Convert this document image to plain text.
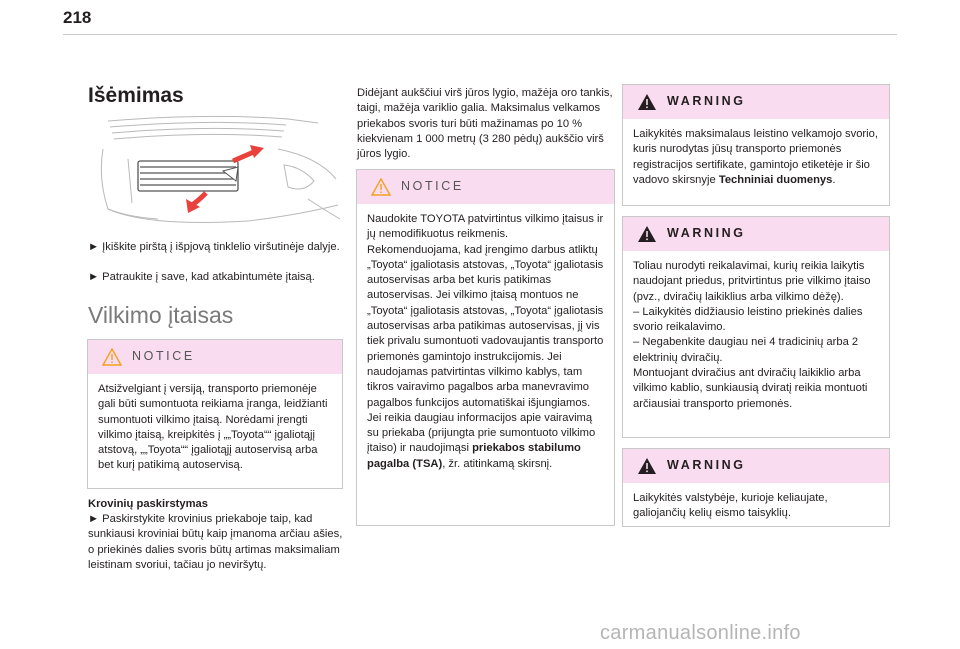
218
Išėmimas

► Įkiškite pirštą į išpjovą tinklelio viršutinėje dalyje.

► Patraukite į save, kad atkabintumėte įtaisą.

Vilkimo įtaisas
NOTICE
Atsižvelgiant į versiją, transporto priemonėje gali būti sumontuota reikiama įranga, leidžianti sumontuoti vilkimo įtaisą. Norėdami įrengti vilkimo įtaisą, kreipkitės į „„Toyota““ įgaliotąjį atstovą, „„Toyota““ įgaliotąjį autoservisą arba bet kurį patikimą autoservisą.

Krovinių paskirstymas

► Paskirstykite krovinius priekaboje taip, kad sunkiausi kroviniai būtų kaip įmanoma arčiau ašies, o priekinės dalies svoris būtų artimas maksimaliam leistinam svoriui, tačiau jo neviršytų.

Didėjant aukščiui virš jūros lygio, mažėja oro tankis, taigi, mažėja variklio galia. Maksimalus velkamos priekabos svoris turi būti mažinamas po 10 % kiekvienam 1 000 metrų (3 280 pėdų) aukščio virš jūros lygio.

NOTICE
Naudokite TOYOTA patvirtintus vilkimo įtaisus ir jų nemodifikuotus reikmenis. Rekomenduojama, kad įrengimo darbus atliktų „Toyota“ įgaliotasis atstovas, „Toyota“ įgaliotasis autoservisas arba bet kuris patikimas autoservisas. Jei vilkimo įtaisą montuos ne „Toyota“ įgaliotasis atstovas, „Toyota“ įgaliotasis autoservisas arba patikimas autoservisas, jį vis tiek privalu sumontuoti vadovaujantis transporto priemonės gamintojo instrukcijomis. Jei naudojamas patvirtintas vilkimo kablys, tam tikros vairavimo pagalbos arba manevravimo pagalbos funkcijos automatiškai išjungiamos. Jei reikia daugiau informacijos apie vairavimą su priekaba (prijungta prie sumontuoto vilkimo įtaiso) ir naudojimąsi priekabos stabilumo pagalba (TSA), žr. atitinkamą skirsnį.
WARNING
Laikykitės maksimalaus leistino velkamojo svorio, kuris nurodytas jūsų transporto priemonės registracijos sertifikate, gamintojo etiketėje ir šio vadovo skirsnyje Techniniai duomenys.
WARNING
Toliau nurodyti reikalavimai, kurių reikia laikytis naudojant priedus, pritvirtintus prie vilkimo įtaiso (pvz., dviračių laikiklius arba vilkimo dėžę).
– Laikykitės didžiausio leistino priekinės dalies svorio reikalavimo.
– Negabenkite daugiau nei 4 tradicinių arba 2 elektrinių dviračių.
Montuojant dviračius ant dviračių laikiklio arba vilkimo kablio, sunkiausią dviratį reikia montuoti arčiausiai transporto priemonės.
WARNING
Laikykitės valstybėje, kurioje keliaujate, galiojančių kelių eismo taisyklių.
carmanualsonline.info
